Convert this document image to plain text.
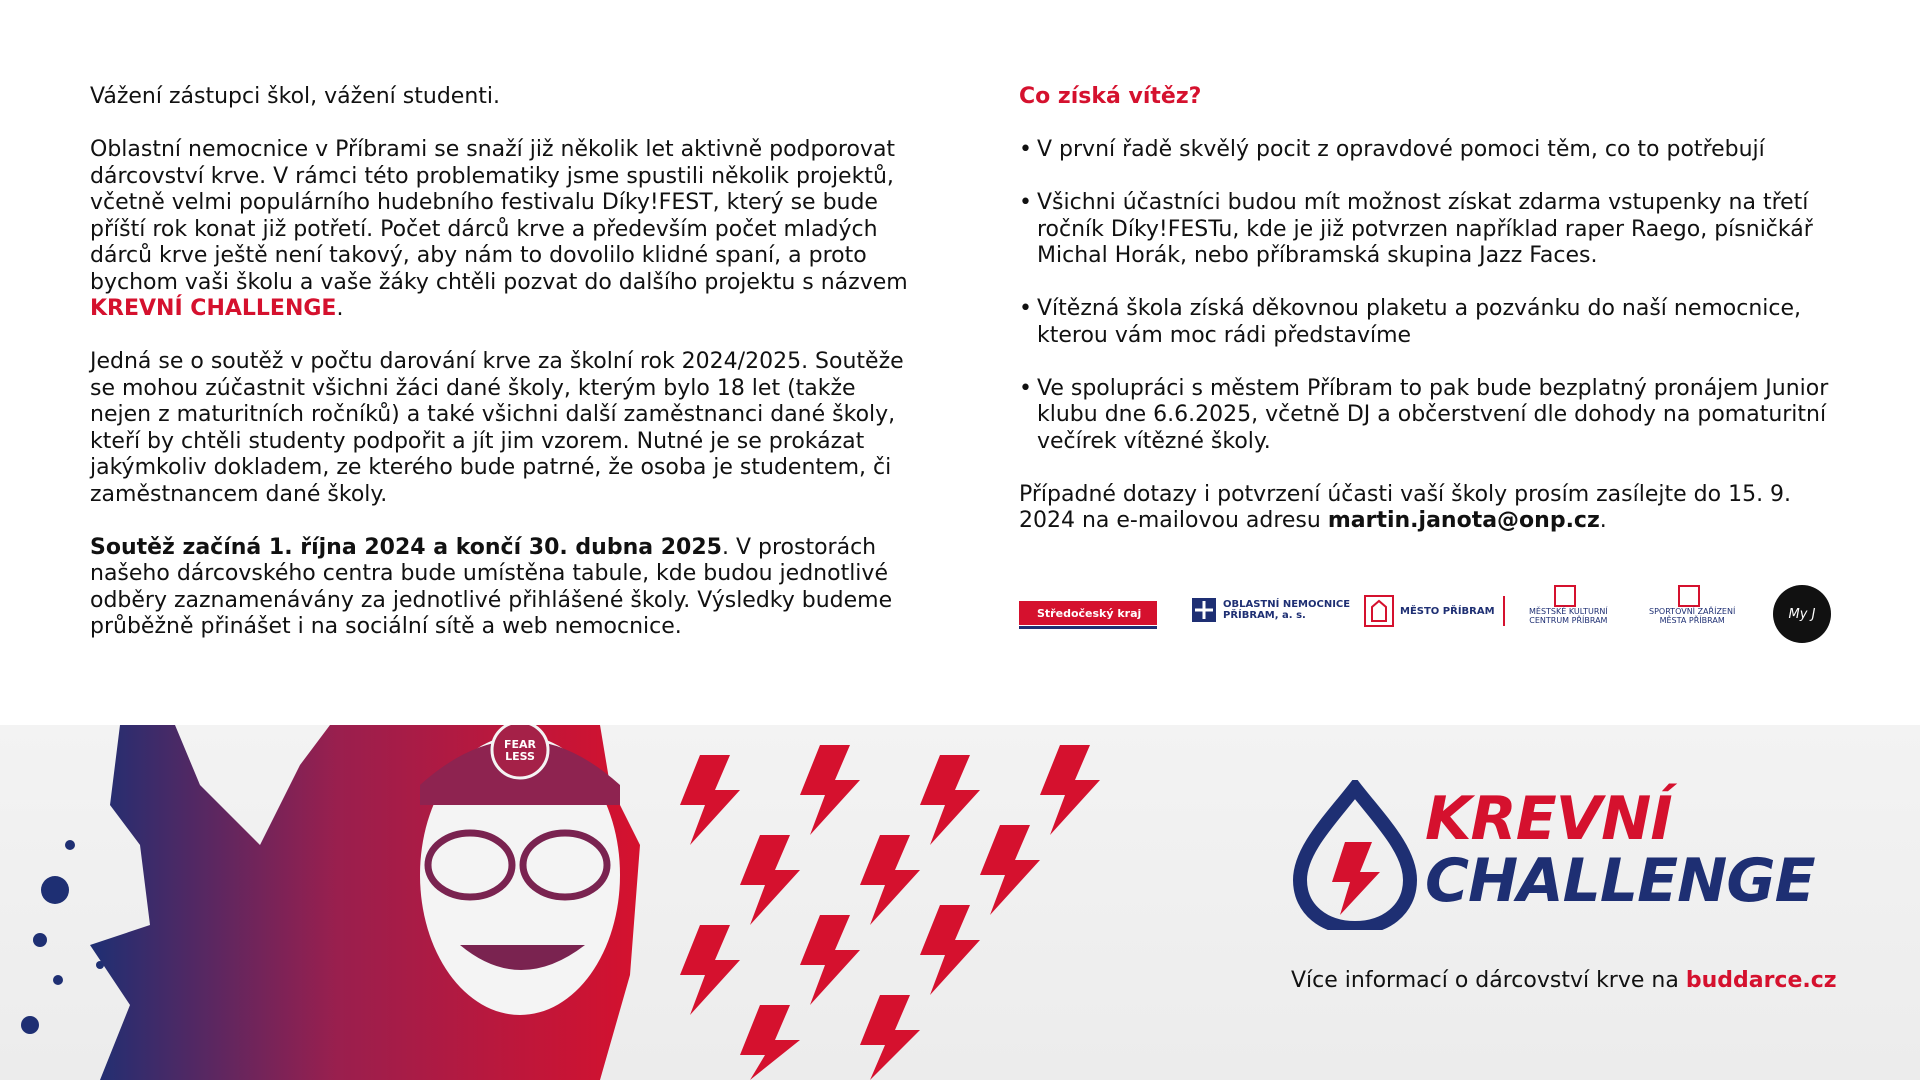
Vážení zástupci škol, vážení studenti.

Oblastní nemocnice v Příbrami se snaží již několik let aktivně podporovat dárcovství krve. V rámci této problematiky jsme spustili několik projektů, včetně velmi populárního hudebního festivalu Díky!FEST, který se bude příští rok konat již potřetí. Počet dárců krve a především počet mladých dárců krve ještě není takový, aby nám to dovolilo klidné spaní, a proto bychom vaši školu a vaše žáky chtěli pozvat do dalšího projektu s názvem KREVNÍ CHALLENGE.

Jedná se o soutěž v počtu darování krve za školní rok 2024/2025. Soutěže se mohou zúčastnit všichni žáci dané školy, kterým bylo 18 let (takže nejen z maturitních ročníků) a také všichni další zaměstnanci dané školy, kteří by chtěli studenty podpořit a jít jim vzorem. Nutné je se prokázat jakýmkoliv dokladem, ze kterého bude patrné, že osoba je studentem, či zaměstnancem dané školy.

Soutěž začíná 1. října 2024 a končí 30. dubna 2025. V prostorách našeho dárcovského centra bude umístěna tabule, kde budou jednotlivé odběry zaznamenávány za jednotlivé přihlášené školy. Výsledky budeme průběžně přinášet i na sociální sítě a web nemocnice.

Co získá vítěz?
• V první řadě skvělý pocit z opravdové pomoci těm, co to potřebují
• Všichni účastníci budou mít možnost získat zdarma vstupenky na třetí ročník Díky!FESTu, kde je již potvrzen například raper Raego, písničkář Michal Horák, nebo příbramská skupina Jazz Faces.
• Vítězná škola získá děkovnou plaketu a pozvánku do naší nemocnice, kterou vám moc rádi představíme
• Ve spolupráci s městem Příbram to pak bude bezplatný pronájem Junior klubu dne 6.6.2025, včetně DJ a občerstvení dle dohody na pomaturitní večírek vítězné školy.

Případné dotazy i potvrzení účasti vaší školy prosím zasílejte do 15. 9. 2024 na e-mailovou adresu martin.janota@onp.cz.

Středočeský kraj
OBLASTNÍ NEMOCNICE
PŘÍBRAM, a. s.	MĚSTO PŘÍBRAM	MĚSTSKÉ KULTURNÍ
CENTRUM PŘÍBRAM
SPORTOVNÍ ZAŘÍZENÍ
MĚSTA PŘÍBRAM	My J
FEAR LESS
KREVNÍ
CHALLENGE
Více informací o dárcovství krve na buddarce.cz
